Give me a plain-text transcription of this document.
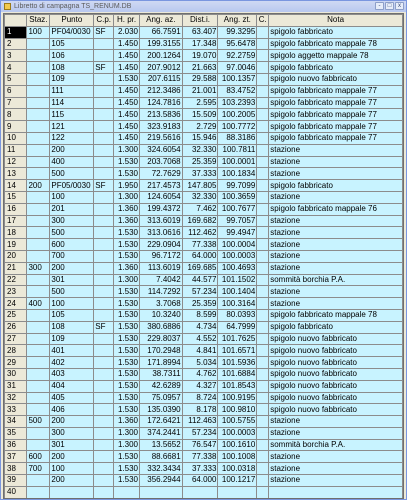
Libretto di campagna TS_RENUM.DB	-	□	x
	Staz.	Punto	C.p.	H. pr.	Ang. az.	Dist.i.	Ang. zt.	C.	Nota
1	100	PF04/0030	SF	2.030	66.7591	63.407	99.3295		spigolo fabbricato
2		105		1.450	199.3155	17.348	95.6478		spigolo fabbricato mappale 78
3		106		1.450	200.1264	19.070	92.2759		spigolo aggetto mappale 78
4		108	SF	1.450	207.9012	21.663	97.0046		spigolo fabbricato
5		109		1.530	207.6115	29.588	100.1357		spigolo nuovo fabbricato
6		111		1.450	212.3486	21.001	83.4752		spigolo fabbricato mappale 77
7		114		1.450	124.7816	2.595	103.2393		spigolo fabbricato mappale 77
8		115		1.450	213.5836	15.509	100.2005		spigolo fabbricato mappale 77
9		121		1.450	323.9183	2.729	100.7772		spigolo fabbricato mappale 77
10		122		1.450	219.5616	15.946	88.3186		spigolo fabbricato mappale 77
11		200		1.300	324.6054	32.330	100.7811		stazione
12		400		1.530	203.7068	25.359	100.0001		stazione
13		500		1.530	72.7629	37.333	100.1834		stazione
14	200	PF05/0030	SF	1.950	217.4573	147.805	99.7099		spigolo fabbricato
15		100		1.300	124.6054	32.330	100.3659		stazione
16		201		1.360	199.4372	7.462	100.7677		spigolo fabbricato mappale 76
17		300		1.360	313.6019	169.682	99.7057		stazione
18		500		1.530	313.0616	112.462	99.4947		stazione
19		600		1.530	229.0904	77.338	100.0004		stazione
20		700		1.530	96.7172	64.000	100.0003		stazione
21	300	200		1.360	113.6019	169.685	100.4693		stazione
22		301		1.300	7.4042	44.577	101.1502		sommità borchia P.A.
23		500		1.530	114.7292	57.234	100.1404		stazione
24	400	100		1.530	3.7068	25.359	100.3164		stazione
25		105		1.530	10.3240	8.599	80.0393		spigolo fabbricato mappale 78
26		108	SF	1.530	380.6886	4.734	64.7999		spigolo fabbricato
27		109		1.530	229.8037	4.552	101.7625		spigolo nuovo fabbricato
28		401		1.530	170.2948	4.841	101.6571		spigolo nuovo fabbricato
29		402		1.530	171.8994	5.034	101.5936		spigolo nuovo fabbricato
30		403		1.530	38.7311	4.762	101.6884		spigolo nuovo fabbricato
31		404		1.530	42.6289	4.327	101.8543		spigolo nuovo fabbricato
32		405		1.530	75.0957	8.724	100.9195		spigolo nuovo fabbricato
33		406		1.530	135.0390	8.178	100.9810		spigolo nuovo fabbricato
34	500	200		1.360	172.6421	112.463	100.5755		stazione
35		300		1.300	374.2441	57.234	100.0003		stazione
36		301		1.300	13.5652	76.547	100.1610		sommità borchia P.A.
37	600	200		1.530	88.6681	77.338	100.1008		stazione
38	700	100		1.530	332.3434	37.333	100.0318		stazione
39		200		1.530	356.2944	64.000	100.1217		stazione
40									
